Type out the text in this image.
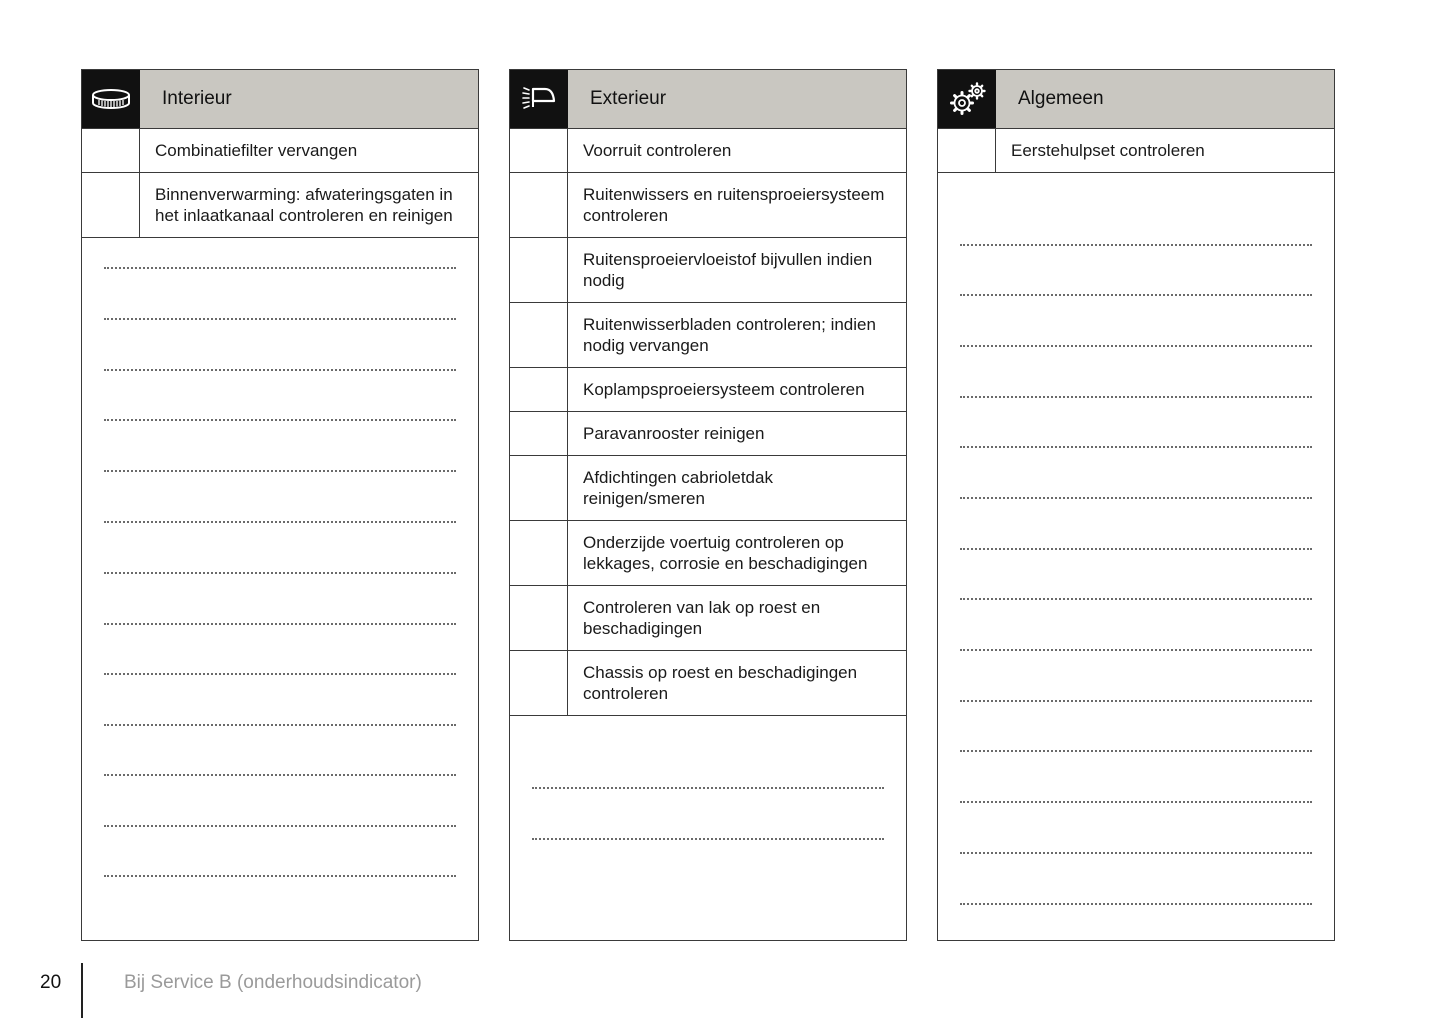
Interieur
Combinatiefilter vervangen
Binnenverwarming: afwateringsgaten in het inlaatkanaal controleren en reinigen
Exterieur
Voorruit controleren
Ruitenwissers en ruitensproeiersysteem controleren
Ruitensproeiervloeistof bijvullen indien nodig
Ruitenwisserbladen controleren; indien nodig vervangen
Koplampsproeiersysteem controleren
Paravanrooster reinigen
Afdichtingen cabrioletdak reinigen/smeren
Onderzijde voertuig controleren op lekkages, corrosie en beschadigingen
Controleren van lak op roest en beschadigingen
Chassis op roest en beschadigingen controleren
Algemeen
Eerstehulpset controleren
20	Bij Service B (onderhoudsindicator)
